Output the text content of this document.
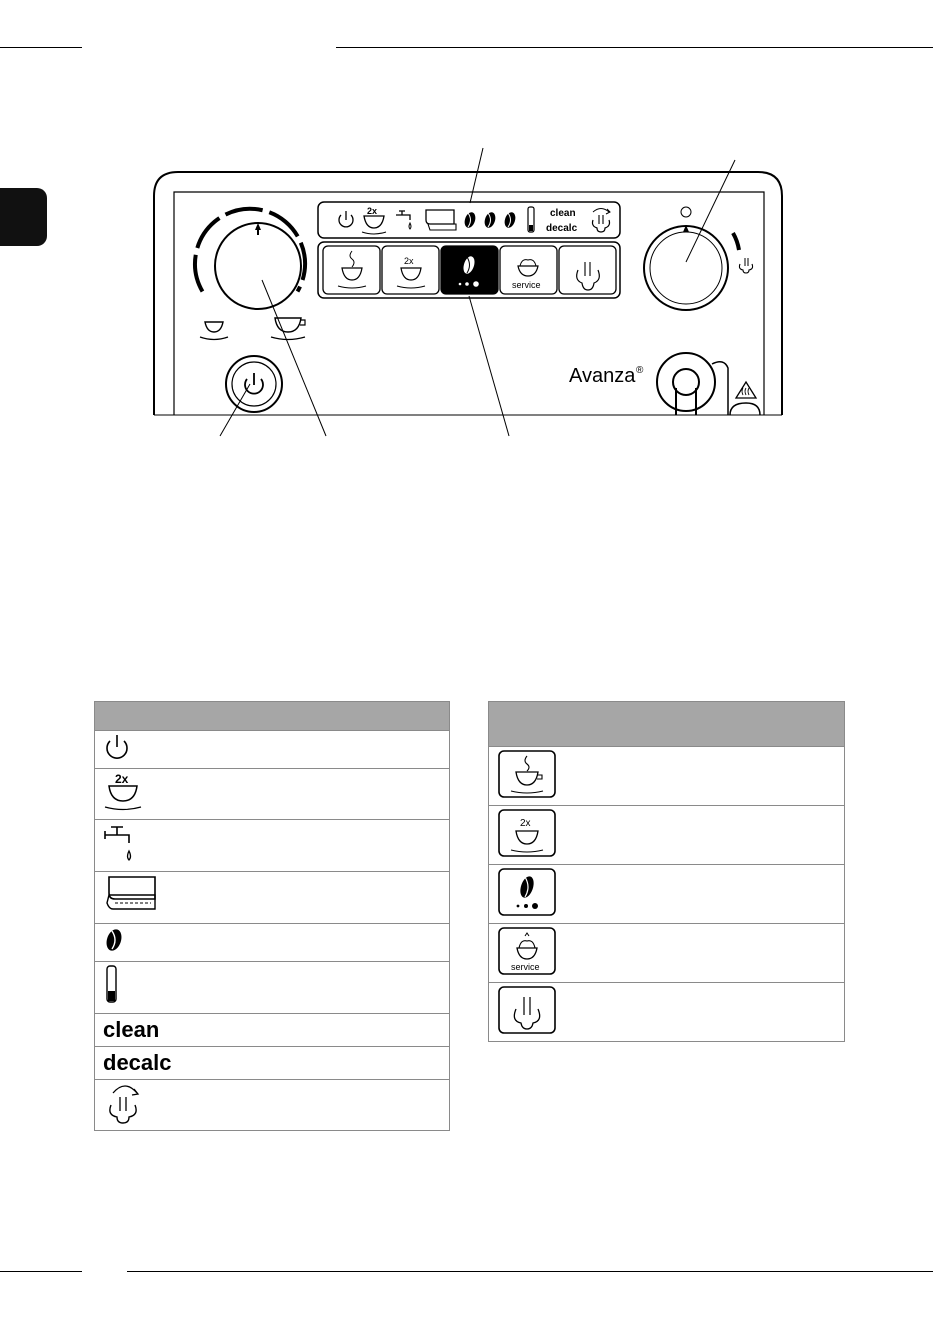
2x	clean
decalc
2x
service
Avanza ®

2x

clean
decalc

2x

service
